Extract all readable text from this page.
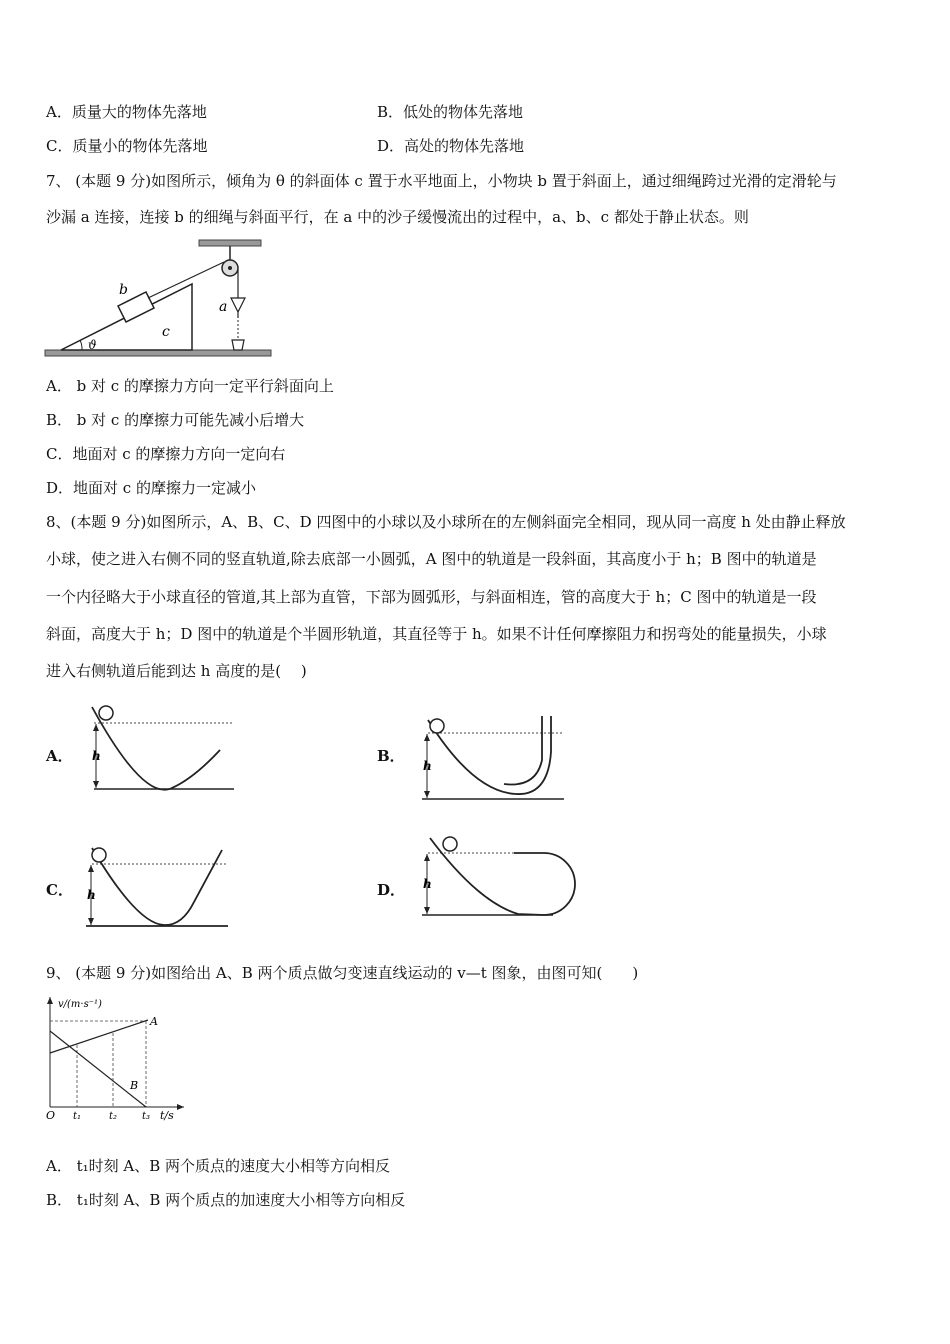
A．质量大的物体先落地	B．低处的物体先落地
C．质量小的物体先落地	D．高处的物体先落地
7、 (本题 9 分)如图所示，倾角为 θ 的斜面体 c 置于水平地面上，小物块 b 置于斜面上，通过细绳跨过光滑的定滑轮与
沙漏 a 连接，连接 b 的细绳与斜面平行，在 a 中的沙子缓慢流出的过程中，a、b、c 都处于静止状态。则
b
c
a
ϑ
A． b 对 c 的摩擦力方向一定平行斜面向上
B． b 对 c 的摩擦力可能先减小后增大
C．地面对 c 的摩擦力方向一定向右
D．地面对 c 的摩擦力一定减小
8、(本题 9 分)如图所示，A、B、C、D 四图中的小球以及小球所在的左侧斜面完全相同，现从同一高度 h 处由静止释放
小球，使之进入右侧不同的竖直轨道,除去底部一小圆弧，A 图中的轨道是一段斜面，其高度小于 h；B 图中的轨道是
一个内径略大于小球直径的管道,其上部为直管，下部为圆弧形，与斜面相连，管的高度大于 h；C 图中的轨道是一段
斜面，高度大于 h；D 图中的轨道是个半圆形轨道，其直径等于 h。如果不计任何摩擦阻力和拐弯处的能量损失，小球
进入右侧轨道后能到达 h 高度的是(　 )
A． h	B．
h
C． h	D． h
9、 (本题 9 分)如图给出 A、B 两个质点做匀变速直线运动的 v—t 图象，由图可知(　　)
v/(m·s⁻¹)
t/s
O t₁	t₂ t₃
A
B
A． t₁时刻 A、B 两个质点的速度大小相等方向相反
B． t₁时刻 A、B 两个质点的加速度大小相等方向相反
